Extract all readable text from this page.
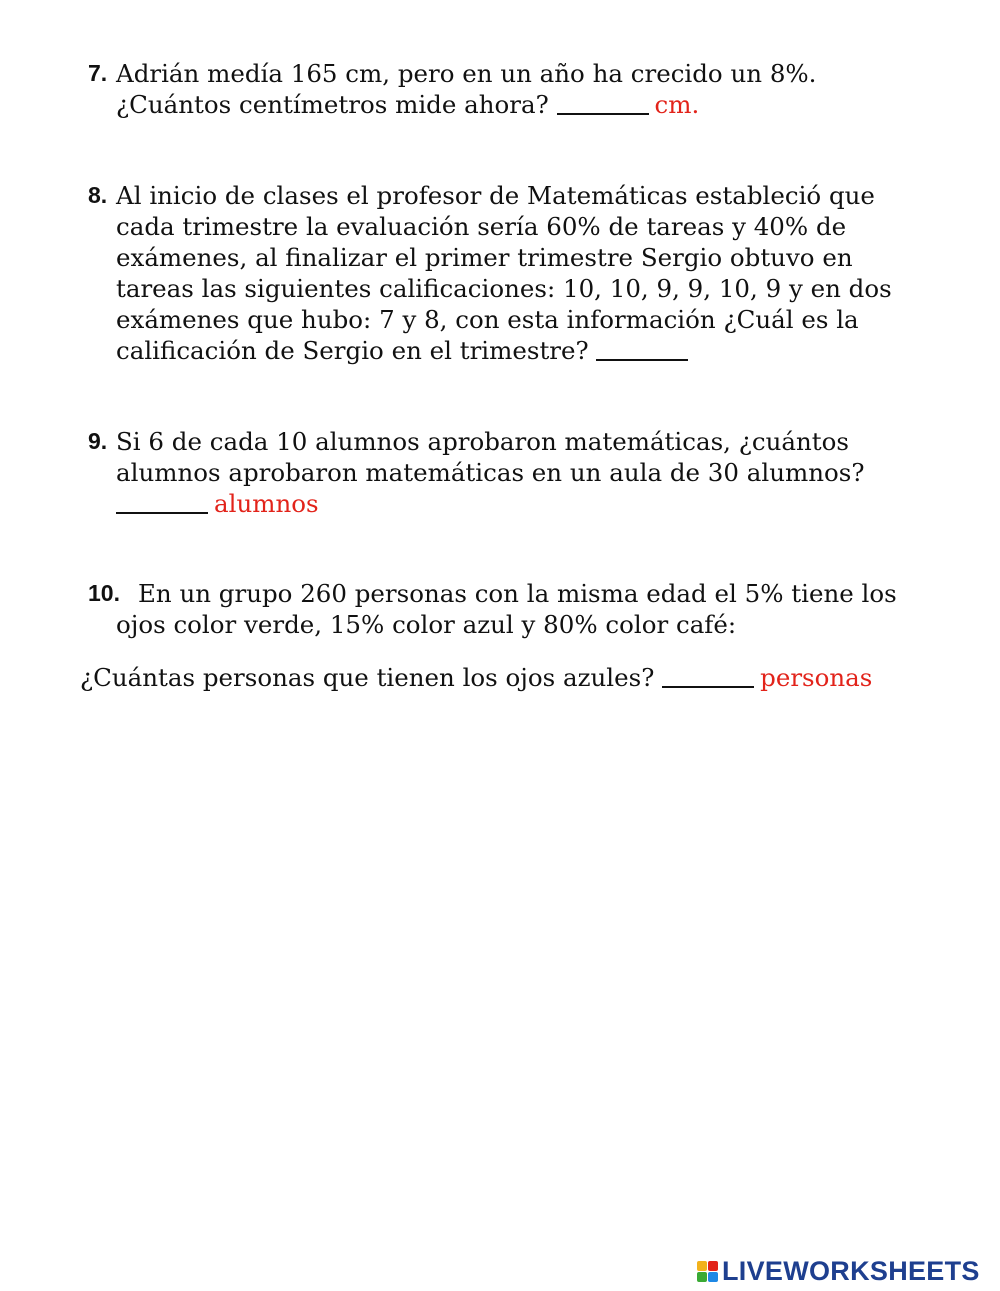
7. Adrián medía 165 cm, pero en un año ha crecido un 8%.
¿Cuántos centímetros mide ahora?	cm.
8. Al inicio de clases el profesor de Matemáticas estableció que
cada trimestre la evaluación sería 60% de tareas y 40% de
exámenes, al finalizar el primer trimestre Sergio obtuvo en
tareas las siguientes calificaciones: 10, 10, 9, 9, 10, 9 y en dos
exámenes que hubo: 7 y 8, con esta información ¿Cuál es la
calificación de Sergio en el trimestre?
9. Si 6 de cada 10 alumnos aprobaron matemáticas, ¿cuántos
alumnos aprobaron matemáticas en un aula de 30 alumnos?
alumnos
10. En un grupo 260 personas con la misma edad el 5% tiene los
ojos color verde, 15% color azul y 80% color café:
¿Cuántas personas que tienen los ojos azules?	personas
LIVEWORKSHEETS
